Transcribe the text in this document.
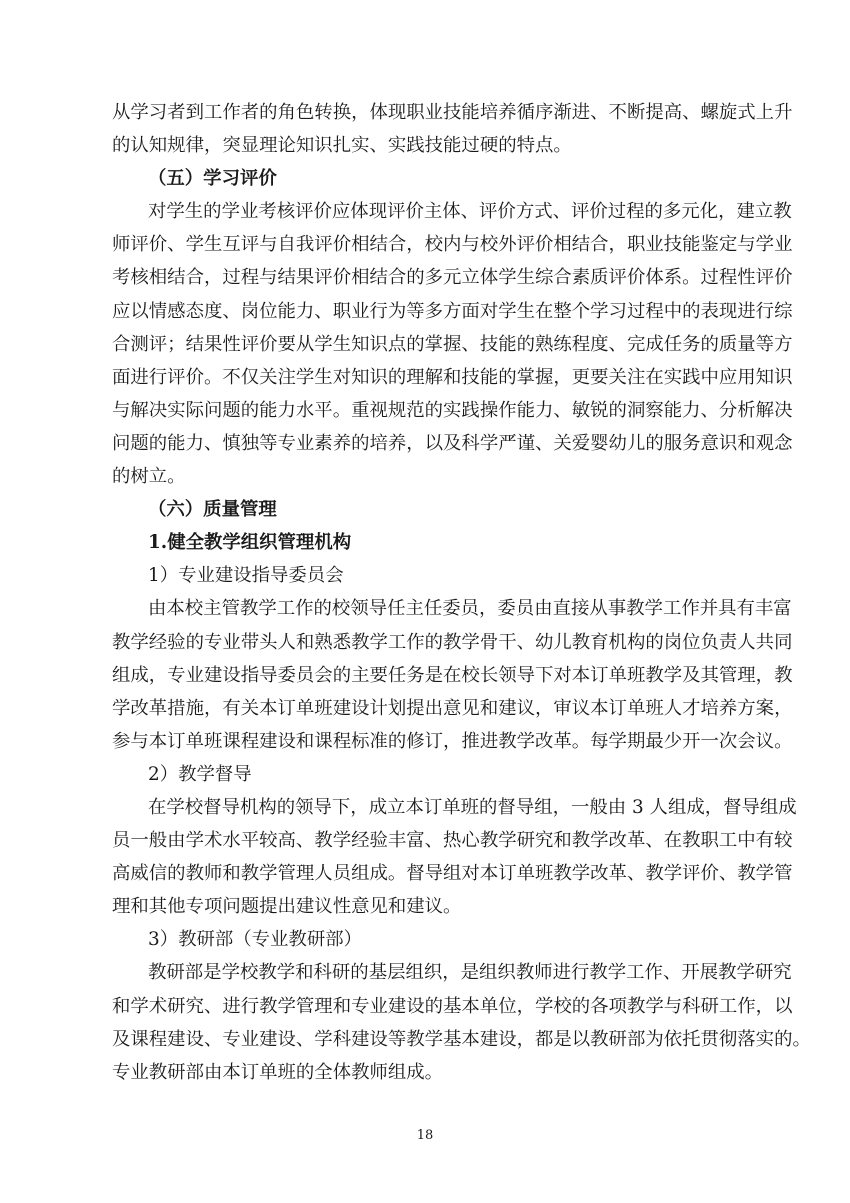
从学习者到工作者的角色转换，体现职业技能培养循序渐进、不断提高、螺旋式上升

的认知规律，突显理论知识扎实、实践技能过硬的特点。

（五）学习评价

对学生的学业考核评价应体现评价主体、评价方式、评价过程的多元化，建立教

师评价、学生互评与自我评价相结合，校内与校外评价相结合，职业技能鉴定与学业

考核相结合，过程与结果评价相结合的多元立体学生综合素质评价体系。过程性评价

应以情感态度、岗位能力、职业行为等多方面对学生在整个学习过程中的表现进行综

合测评；结果性评价要从学生知识点的掌握、技能的熟练程度、完成任务的质量等方

面进行评价。不仅关注学生对知识的理解和技能的掌握，更要关注在实践中应用知识

与解决实际问题的能力水平。重视规范的实践操作能力、敏锐的洞察能力、分析解决

问题的能力、慎独等专业素养的培养，以及科学严谨、关爱婴幼儿的服务意识和观念

的树立。

（六）质量管理

1.健全教学组织管理机构

1）专业建设指导委员会

由本校主管教学工作的校领导任主任委员，委员由直接从事教学工作并具有丰富

教学经验的专业带头人和熟悉教学工作的教学骨干、幼儿教育机构的岗位负责人共同

组成，专业建设指导委员会的主要任务是在校长领导下对本订单班教学及其管理，教

学改革措施，有关本订单班建设计划提出意见和建议，审议本订单班人才培养方案，

参与本订单班课程建设和课程标准的修订，推进教学改革。每学期最少开一次会议。

2）教学督导

在学校督导机构的领导下，成立本订单班的督导组，一般由 3 人组成，督导组成

员一般由学术水平较高、教学经验丰富、热心教学研究和教学改革、在教职工中有较

高威信的教师和教学管理人员组成。督导组对本订单班教学改革、教学评价、教学管

理和其他专项问题提出建议性意见和建议。

3）教研部（专业教研部）

教研部是学校教学和科研的基层组织，是组织教师进行教学工作、开展教学研究

和学术研究、进行教学管理和专业建设的基本单位，学校的各项教学与科研工作，以

及课程建设、专业建设、学科建设等教学基本建设，都是以教研部为依托贯彻落实的。

专业教研部由本订单班的全体教师组成。

18
